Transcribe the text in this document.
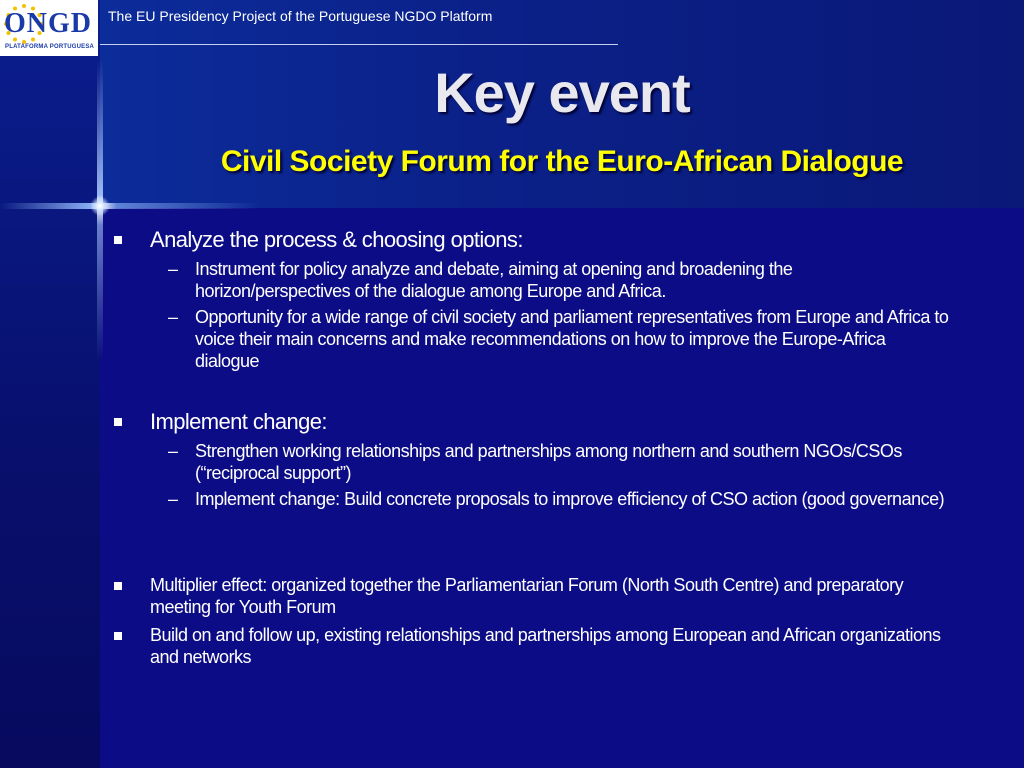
ONGD
PLATAFORMA PORTUGUESA
The EU Presidency Project of the Portuguese NGDO Platform
Key event
Civil Society Forum for the Euro-African Dialogue
Analyze the process & choosing options:
– Instrument for policy analyze and debate, aiming at opening and broadening the horizon/perspectives of the dialogue among Europe and Africa.
– Opportunity for a wide range of civil society and parliament representatives from Europe and Africa to voice their main concerns and make recommendations on how to improve the Europe-Africa dialogue
Implement change:
– Strengthen working relationships and partnerships among northern and southern NGOs/CSOs (“reciprocal support”)
– Implement change: Build concrete proposals to improve efficiency of CSO action (good governance)
Multiplier effect: organized together the Parliamentarian Forum (North South Centre) and preparatory meeting for Youth Forum
Build on and follow up, existing relationships and partnerships among European and African organizations and networks
